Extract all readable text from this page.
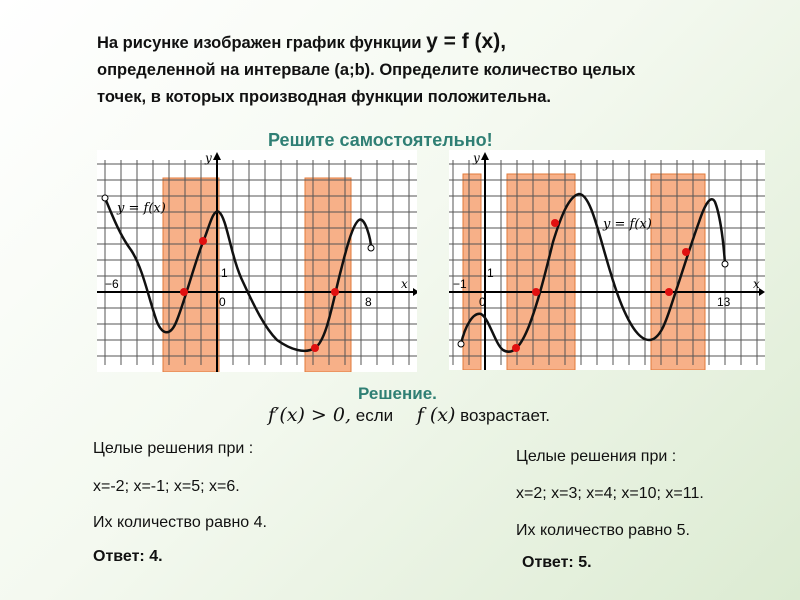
На рисунке изображен график функции y = f (x),
определенной на интервале (a;b). Определите количество целых
точек, в которых производная функции положительна.
Решите самостоятельно!
y
x
y = f(x)
−6
0
1
8
y
x
y = f(x)
−1
0
1
13
Решение.
f′(x) > 0, если f (x) возрастает.
Целые решения при :
x=-2; x=-1; x=5; x=6.
Их количество равно 4.
Ответ: 4.
Целые решения при :
x=2; x=3; x=4; x=10; x=11.
Их количество равно 5.
Ответ: 5.
